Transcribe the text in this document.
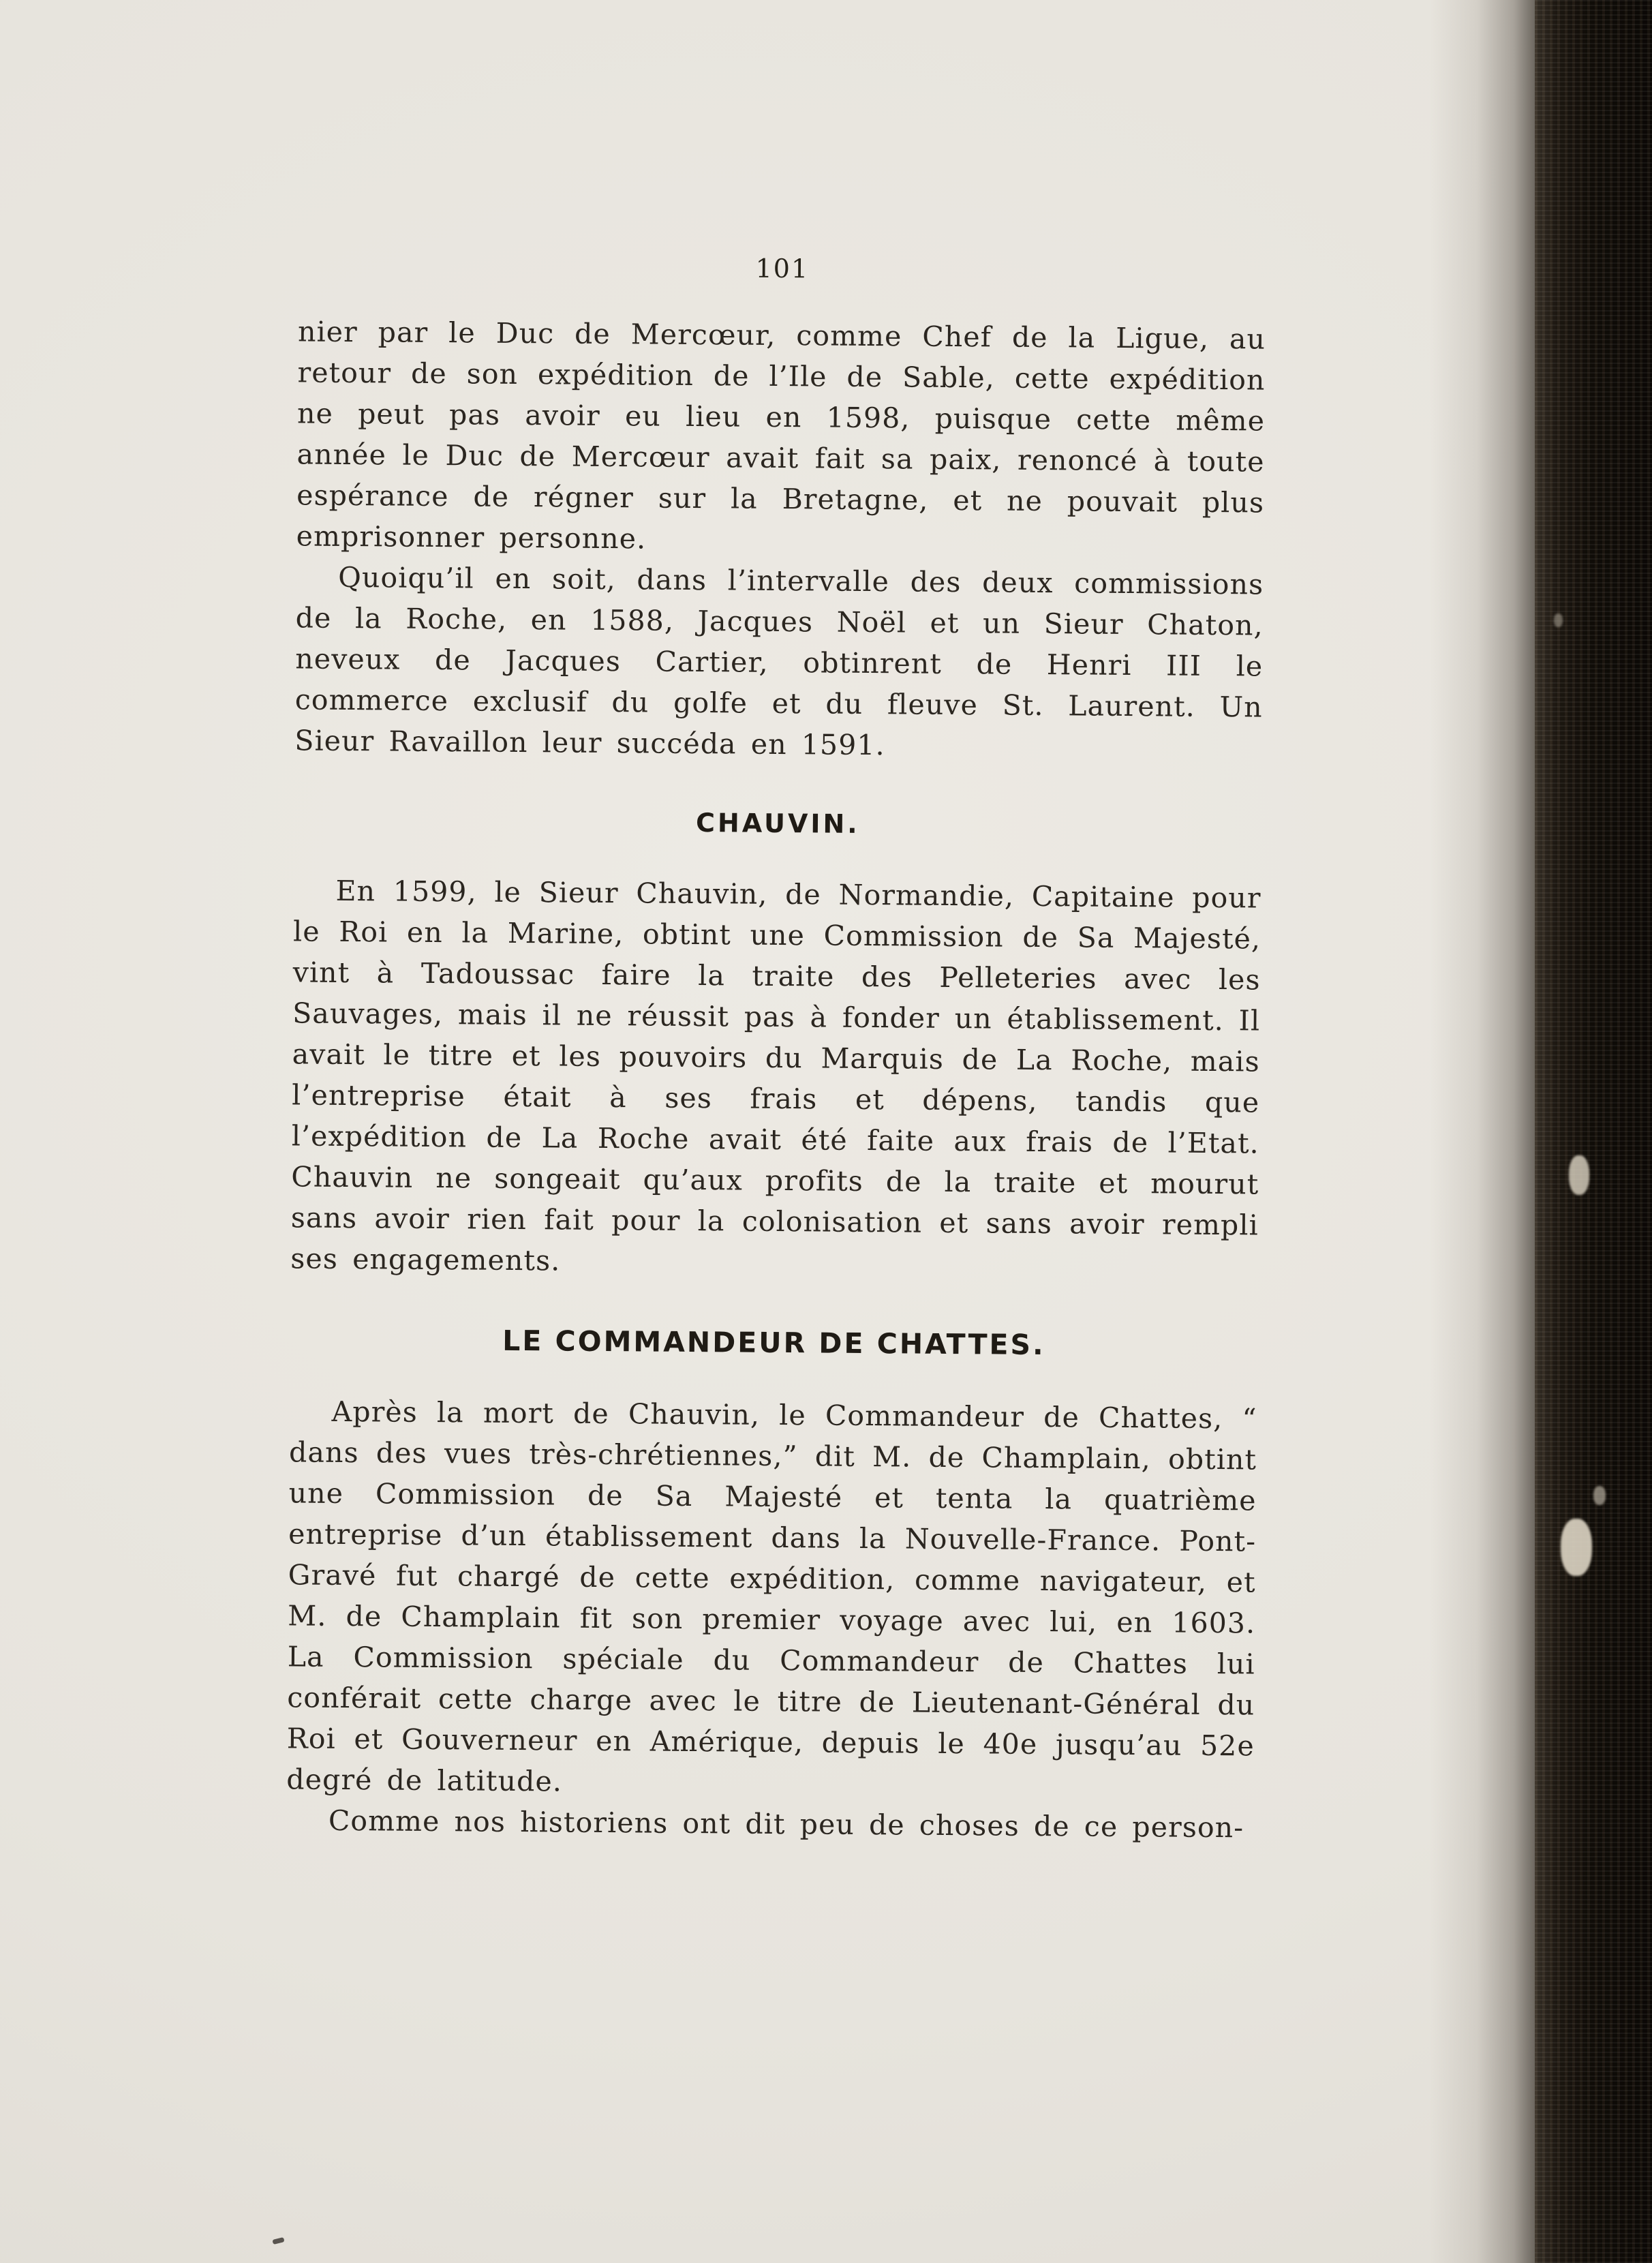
101

nier par le Duc de Mercœur, comme Chef de la Ligue, au retour de son expédition de l’Ile de Sable, cette expédition ne peut pas avoir eu lieu en 1598, puisque cette même année le Duc de Mercœur avait fait sa paix, renoncé à toute espérance de régner sur la Bretagne, et ne pouvait plus emprisonner personne.

Quoiqu’il en soit, dans l’intervalle des deux commissions de la Roche, en 1588, Jacques Noël et un Sieur Chaton, neveux de Jacques Cartier, obtinrent de Henri III le commerce exclusif du golfe et du fleuve St. Laurent. Un Sieur Ravaillon leur succéda en 1591.

CHAUVIN.

En 1599, le Sieur Chauvin, de Normandie, Capitaine pour le Roi en la Marine, obtint une Commission de Sa Majesté, vint à Tadoussac faire la traite des Pelleteries avec les Sauvages, mais il ne réussit pas à fonder un établissement. Il avait le titre et les pouvoirs du Marquis de La Roche, mais l’entreprise était à ses frais et dépens, tandis que l’expédition de La Roche avait été faite aux frais de l’Etat. Chauvin ne songeait qu’aux profits de la traite et mourut sans avoir rien fait pour la colonisation et sans avoir rempli ses engagements.

LE COMMANDEUR DE CHATTES.

Après la mort de Chauvin, le Commandeur de Chattes, “ dans des vues très-chrétiennes,” dit M. de Champlain, obtint une Commission de Sa Majesté et tenta la quatrième entreprise d’un établissement dans la Nouvelle-France. Pont-Gravé fut chargé de cette expédition, comme navigateur, et M. de Champlain fit son premier voyage avec lui, en 1603. La Commission spéciale du Commandeur de Chattes lui conférait cette charge avec le titre de Lieutenant-Général du Roi et Gouverneur en Amérique, depuis le 40e jusqu’au 52e degré de latitude.

Comme nos historiens ont dit peu de choses de ce person-
